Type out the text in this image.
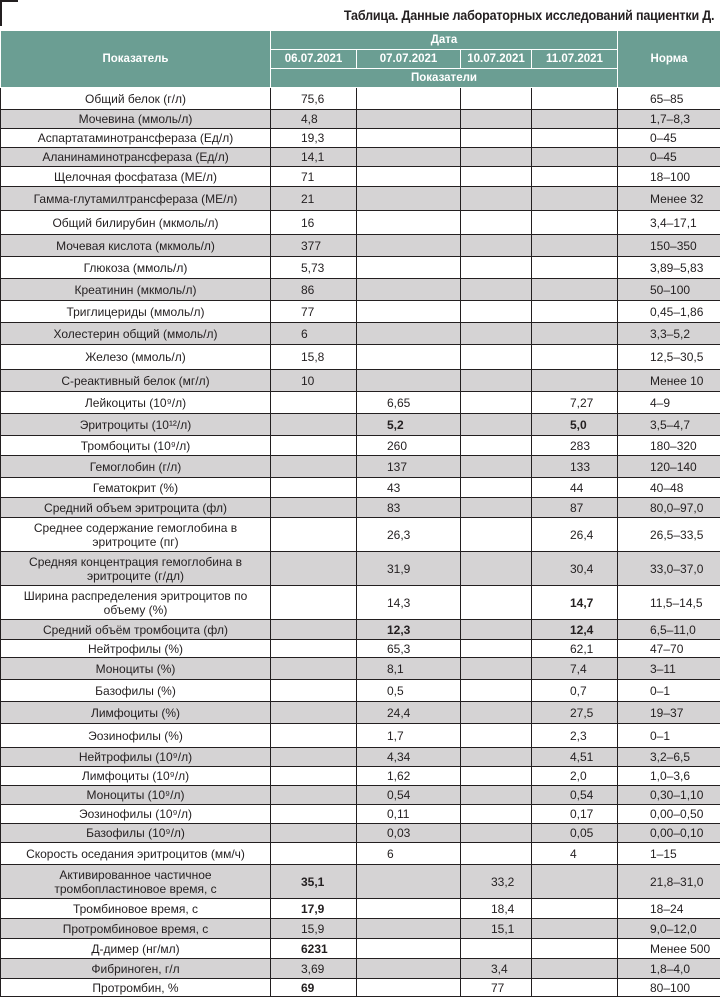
Таблица. Данные лабораторных исследований пациентки Д.
Показатель	Дата				Норма
	06.07.2021	07.07.2021	10.07.2021	11.07.2021	
	Показатели				
Общий белок (г/л)	75,6				65–85
Мочевина (ммоль/л)	4,8				1,7–8,3
Аспартатаминотрансфераза (Ед/л)	19,3				0–45
Аланинаминотрансфераза (Ед/л)	14,1				0–45
Щелочная фосфатаза (МЕ/л)	71				18–100
Гамма-глутамилтрансфераза (МЕ/л)	21				Менее 32
Общий билирубин (мкмоль/л)	16				3,4–17,1
Мочевая кислота (мкмоль/л)	377				150–350
Глюкоза (ммоль/л)	5,73				3,89–5,83
Креатинин (мкмоль/л)	86				50–100
Триглицериды (ммоль/л)	77				0,45–1,86
Холестерин общий (ммоль/л)	6				3,3–5,2
Железо (ммоль/л)	15,8				12,5–30,5
С-реактивный белок (мг/л)	10				Менее 10
Лейкоциты (10⁹/л)		6,65		7,27	4–9
Эритроциты (10¹²/л)		5,2		5,0	3,5–4,7
Тромбоциты (10⁹/л)		260		283	180–320
Гемоглобин (г/л)		137		133	120–140
Гематокрит (%)		43		44	40–48
Средний объем эритроцита (фл)		83		87	80,0–97,0
Среднее содержание гемоглобина в эритроците (пг)		26,3		26,4	26,5–33,5
Средняя концентрация гемоглобина в эритроците (г/дл)		31,9		30,4	33,0–37,0
Ширина распределения эритроцитов по объему (%)		14,3		14,7	11,5–14,5
Средний объём тромбоцита (фл)		12,3		12,4	6,5–11,0
Нейтрофилы (%)		65,3		62,1	47–70
Моноциты (%)		8,1		7,4	3–11
Базофилы (%)		0,5		0,7	0–1
Лимфоциты (%)		24,4		27,5	19–37
Эозинофилы (%)		1,7		2,3	0–1
Нейтрофилы (10⁹/л)		4,34		4,51	3,2–6,5
Лимфоциты (10⁹/л)		1,62		2,0	1,0–3,6
Моноциты (10⁹/л)		0,54		0,54	0,30–1,10
Эозинофилы (10⁹/л)		0,11		0,17	0,00–0,50
Базофилы (10⁹/л)		0,03		0,05	0,00–0,10
Скорость оседания эритроцитов (мм/ч)		6		4	1–15
Активированное частичное тромбопластиновое время, с	35,1		33,2		21,8–31,0
Тромбиновое время, с	17,9		18,4		18–24
Протромбиновое время, с	15,9		15,1		9,0–12,0
Д-димер (нг/мл)	6231				Менее 500
Фибриноген, г/л	3,69		3,4		1,8–4,0
Протромбин, %	69		77		80–100
